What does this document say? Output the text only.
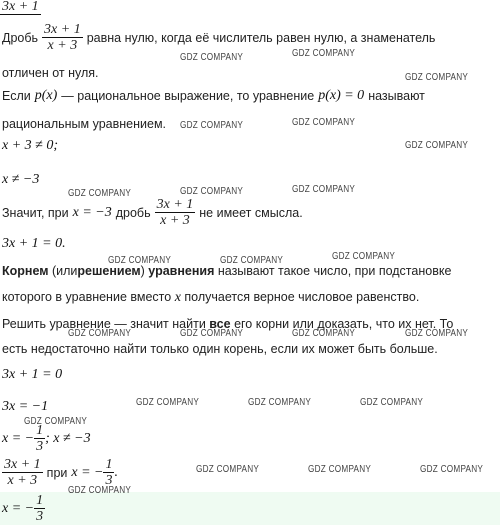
3x + 1
Дробь $\frac{3x + 1}{x + 3}$ равна нулю, когда её числитель равен нулю, а знаменатель
отличен от нуля.
Если p(x) — рациональное выражение, то уравнение p(x) = 0 называют
рациональным уравнением.
x + 3 ≠ 0;
x ≠ −3
Значит, при x = −3 дробь $\frac{3x + 1}{x + 3}$ не имеет смысла.
3x + 1 = 0.
Корнем (илирешением) уравнения называют такое число, при подстановке
которого в уравнение вместо x получается верное числовое равенство.
Решить уравнение — значит найти все его корни или доказать, что их нет. То
есть недостаточно найти только один корень, если их может быть больше.
3x + 1 = 0
3x = −1
x = − $\frac{1}{3}$ ; x ≠ −3
$\frac{3x + 1}{x + 3}$ при x = − $\frac{1}{3}$ .
x = − $\frac{1}{3}$
GDZ COMPANY	GDZ COMPANY
GDZ COMPANY
GDZ COMPANY	GDZ COMPANY
GDZ COMPANY
GDZ COMPANY	GDZ COMPANY	GDZ COMPANY
GDZ COMPANY	GDZ COMPANY	GDZ COMPANY
GDZ COMPANY	GDZ COMPANY	GDZ COMPANY	GDZ COMPANY
GDZ COMPANY	GDZ COMPANY	GDZ COMPANY
GDZ COMPANY
GDZ COMPANY	GDZ COMPANY	GDZ COMPANY
GDZ COMPANY
